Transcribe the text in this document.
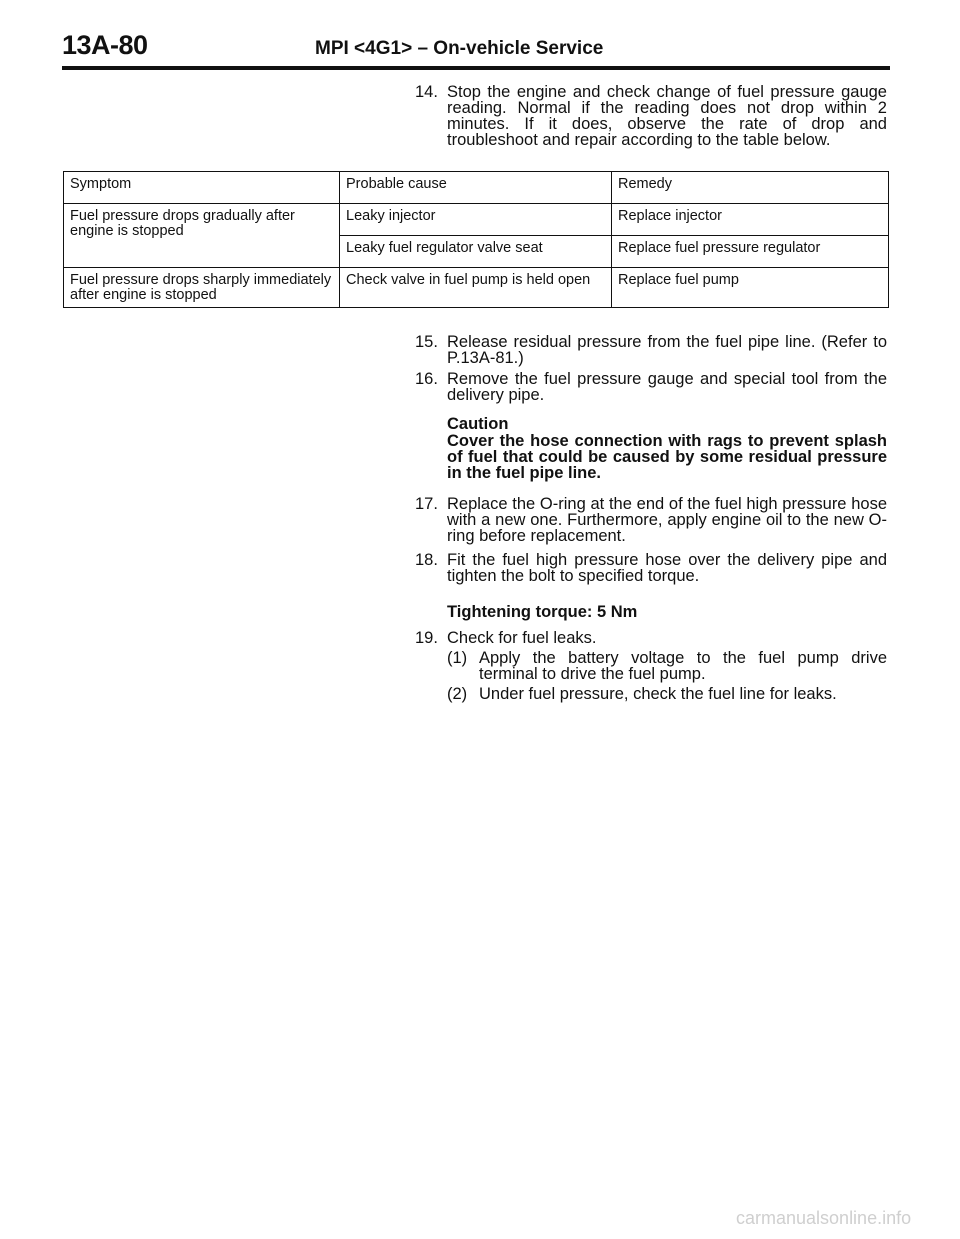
13A-80	MPI <4G1> – On-vehicle Service
14. Stop the engine and check change of fuel pressure gauge reading. Normal if the reading does not drop within 2 minutes. If it does, observe the rate of drop and troubleshoot and repair according to the table below.
Symptom	Probable cause	Remedy
Fuel pressure drops gradually after engine is stopped	Leaky injector	Replace injector
	Leaky fuel regulator valve seat	Replace fuel pressure regulator
Fuel pressure drops sharply immediately after engine is stopped	Check valve in fuel pump is held open	Replace fuel pump
15. Release residual pressure from the fuel pipe line. (Refer to P.13A-81.)
16. Remove the fuel pressure gauge and special tool from the delivery pipe.
Caution
Cover the hose connection with rags to prevent splash of fuel that could be caused by some residual pressure in the fuel pipe line.
17. Replace the O-ring at the end of the fuel high pressure hose with a new one. Furthermore, apply engine oil to the new O-ring before replacement.
18. Fit the fuel high pressure hose over the delivery pipe and tighten the bolt to specified torque.
Tightening torque: 5 Nm
19. Check for fuel leaks.
(1) Apply the battery voltage to the fuel pump drive terminal to drive the fuel pump.
(2) Under fuel pressure, check the fuel line for leaks.
carmanualsonline.info
